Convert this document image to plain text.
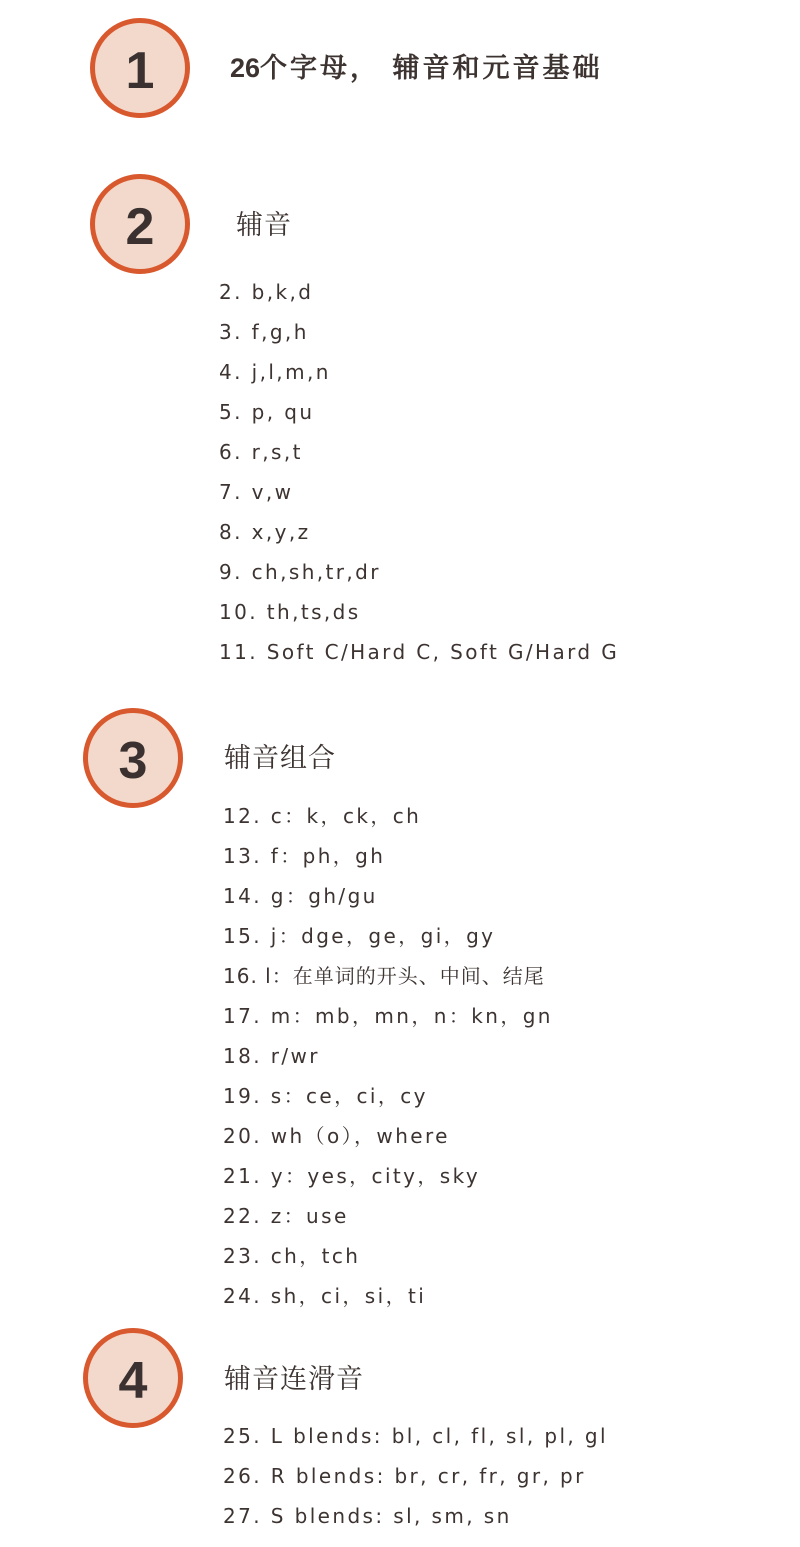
1	26个字母， 辅音和元音基础
2	辅音
2. b,k,d
3. f,g,h
4. j,l,m,n
5. p, qu
6. r,s,t
7. v,w
8. x,y,z
9. ch,sh,tr,dr
10. th,ts,ds
11. Soft C/Hard C, Soft G/Hard G
3	辅音组合
12. c：k，ck，ch
13. f：ph，gh
14. g：gh/gu
15. j：dge，ge，gi，gy
16. l：在单词的开头、中间、结尾
17. m：mb，mn，n：kn，gn
18. r/wr
19. s：ce，ci，cy
20. wh（o），where
21. y：yes，city，sky
22. z：use
23. ch，tch
24. sh，ci，si，ti
4	辅音连滑音
25. L blends: bl, cl, fl, sl, pl, gl
26. R blends: br, cr, fr, gr, pr
27. S blends: sl, sm, sn
